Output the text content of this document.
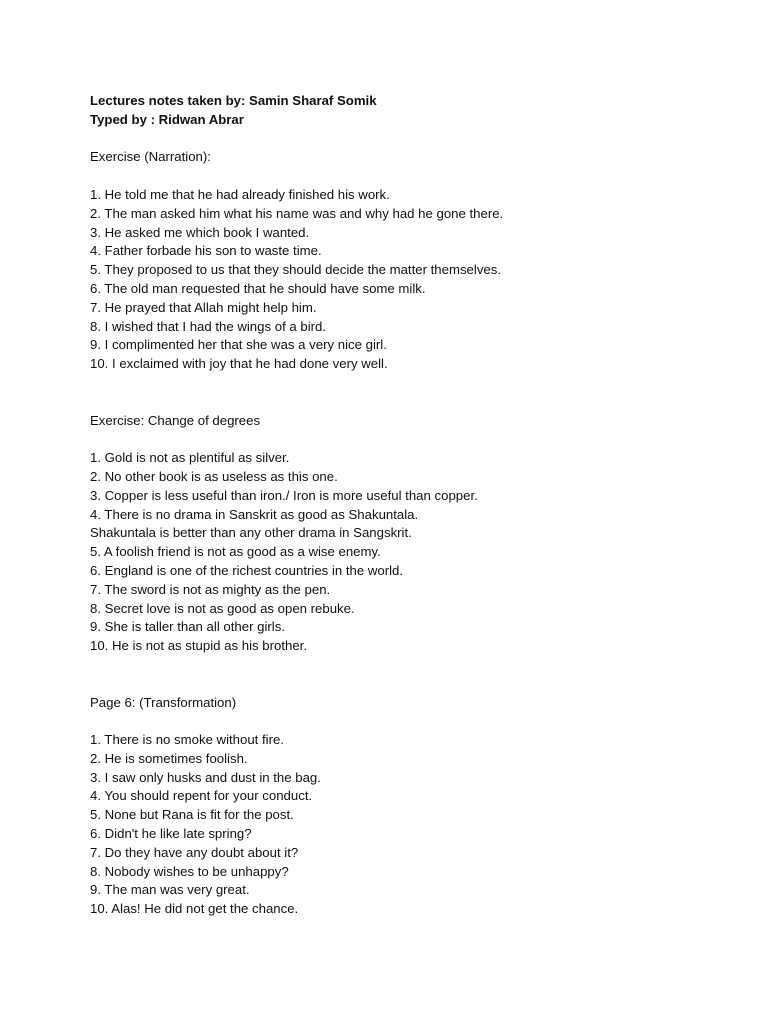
Lectures notes taken by: Samin Sharaf Somik
Typed by : Ridwan Abrar
Exercise (Narration):
1. He told me that he had already finished his work.
2. The man asked him what his name was and why had he gone there.
3. He asked me which book I wanted.
4. Father forbade his son to waste time.
5. They proposed to us that they should decide the matter themselves.
6. The old man requested that he should have some milk.
7. He prayed that Allah might help him.
8. I wished that I had the wings of a bird.
9. I complimented her that she was a very nice girl.
10. I exclaimed with joy that he had done very well.
Exercise: Change of degrees
1. Gold is not as plentiful as silver.
2. No other book is as useless as this one.
3. Copper is less useful than iron./ Iron is more useful than copper.
4. There is no drama in Sanskrit as good as Shakuntala.
Shakuntala is better than any other drama in Sangskrit.
5. A foolish friend is not as good as a wise enemy.
6. England is one of the richest countries in the world.
7. The sword is not as mighty as the pen.
8. Secret love is not as good as open rebuke.
9. She is taller than all other girls.
10. He is not as stupid as his brother.
Page 6: (Transformation)
1. There is no smoke without fire.
2. He is sometimes foolish.
3. I saw only husks and dust in the bag.
4. You should repent for your conduct.
5. None but Rana is fit for the post.
6. Didn't he like late spring?
7. Do they have any doubt about it?
8. Nobody wishes to be unhappy?
9. The man was very great.
10. Alas! He did not get the chance.
